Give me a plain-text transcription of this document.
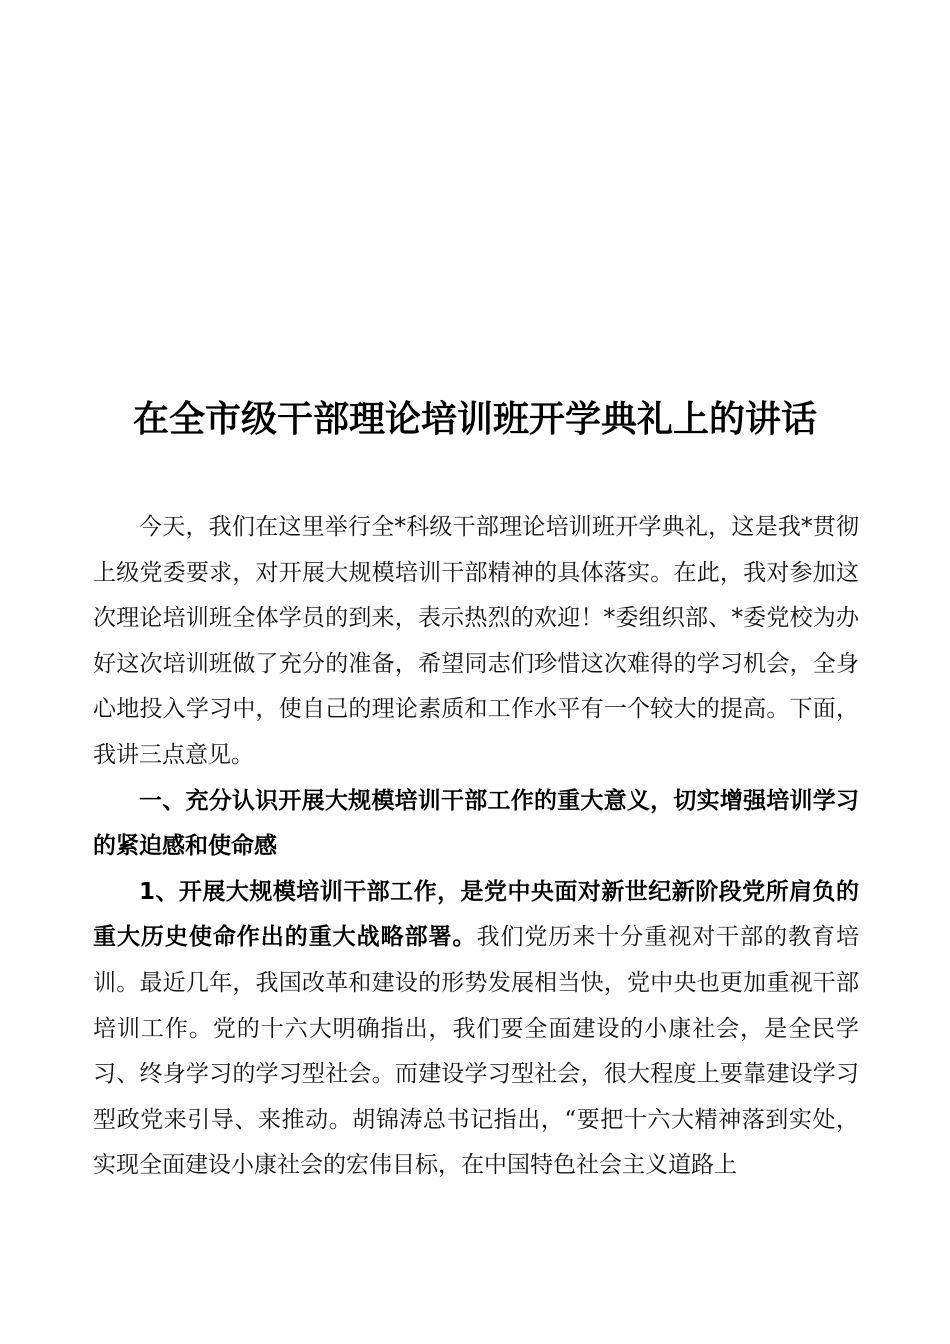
在全市级干部理论培训班开学典礼上的讲话

今天，我们在这里举行全*科级干部理论培训班开学典礼，这是我*贯彻上级党委要求，对开展大规模培训干部精神的具体落实。在此，我对参加这次理论培训班全体学员的到来，表示热烈的欢迎！*委组织部、*委党校为办好这次培训班做了充分的准备，希望同志们珍惜这次难得的学习机会，全身心地投入学习中，使自己的理论素质和工作水平有一个较大的提高。下面，我讲三点意见。

一、充分认识开展大规模培训干部工作的重大意义，切实增强培训学习的紧迫感和使命感

1、开展大规模培训干部工作，是党中央面对新世纪新阶段党所肩负的重大历史使命作出的重大战略部署。我们党历来十分重视对干部的教育培训。最近几年，我国改革和建设的形势发展相当快，党中央也更加重视干部培训工作。党的十六大明确指出，我们要全面建设的小康社会，是全民学习、终身学习的学习型社会。而建设学习型社会，很大程度上要靠建设学习型政党来引导、来推动。胡锦涛总书记指出，“要把十六大精神落到实处，实现全面建设小康社会的宏伟目标，在中国特色社会主义道路上
